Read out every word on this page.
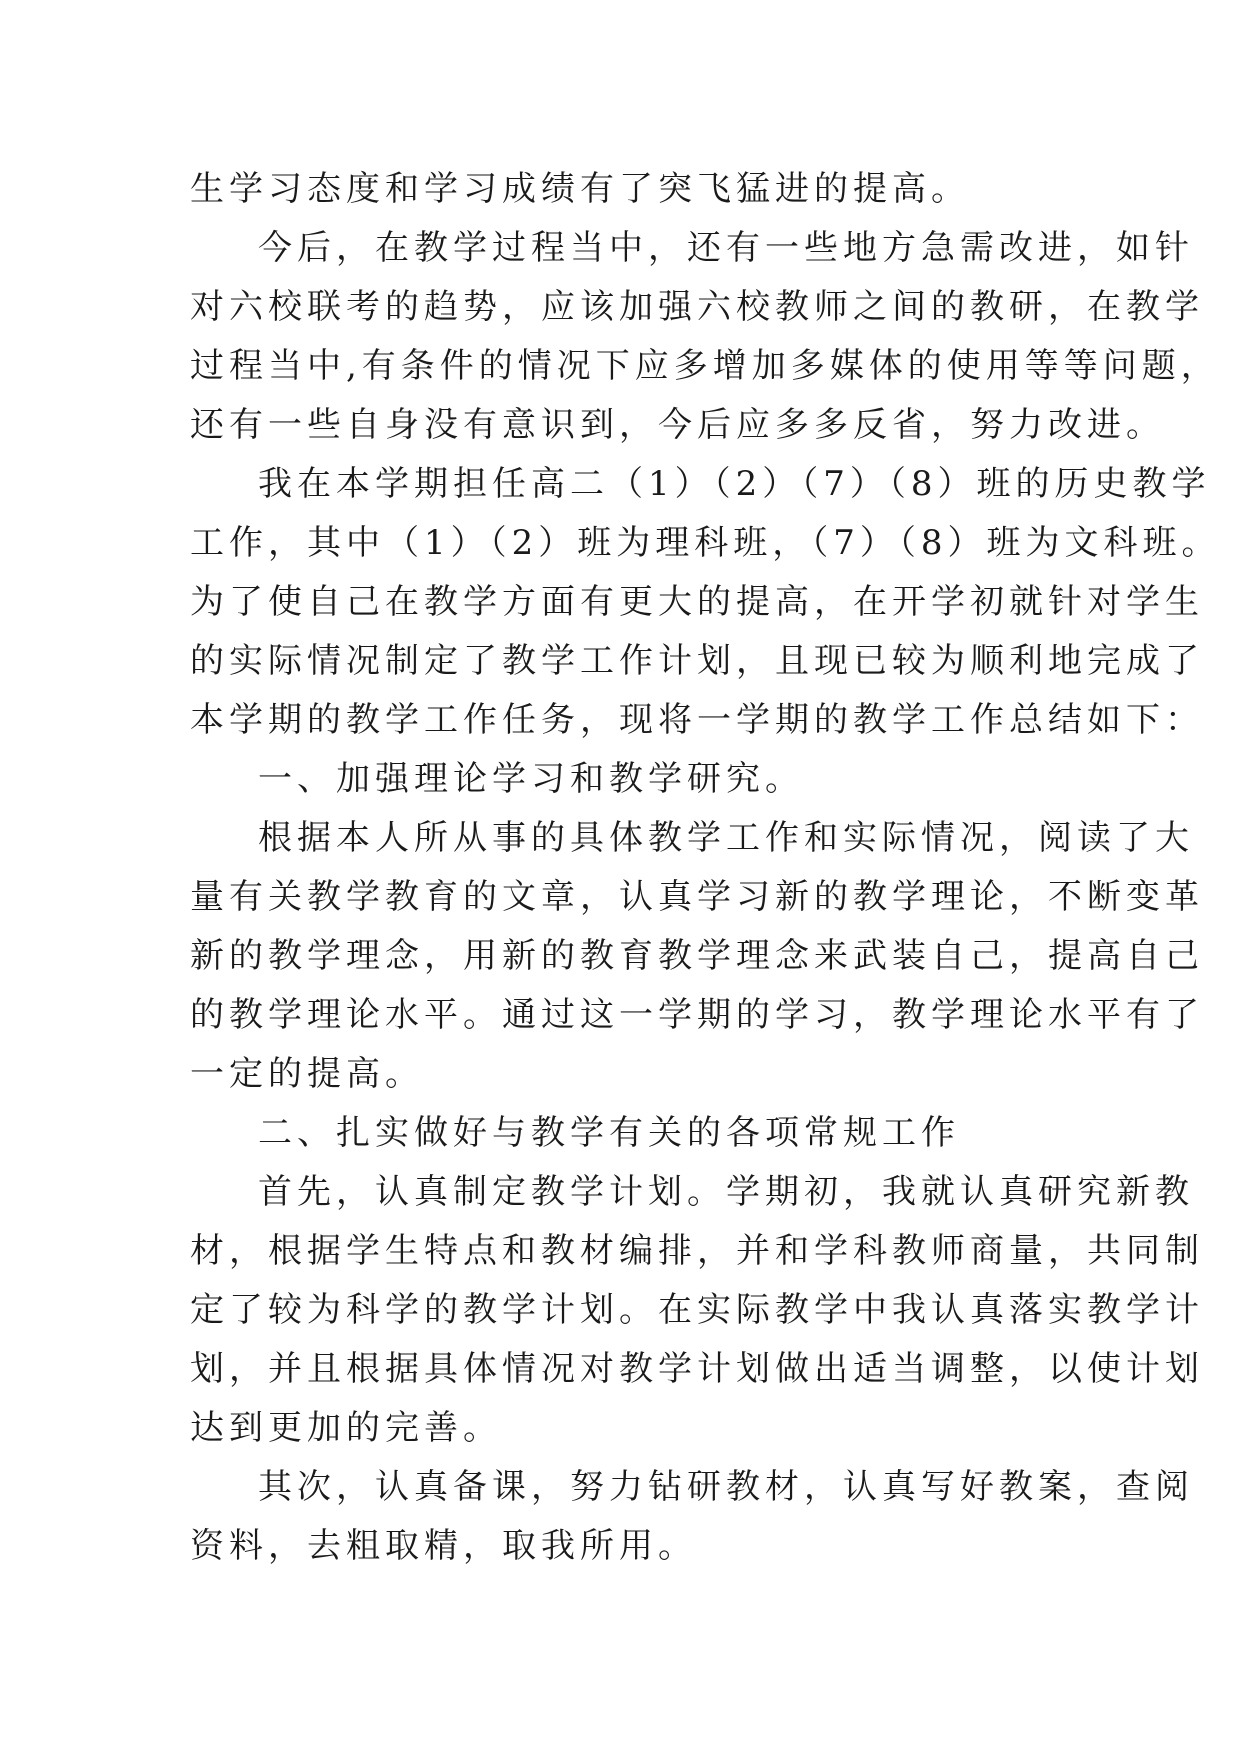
生学习态度和学习成绩有了突飞猛进的提高。
今后，在教学过程当中，还有一些地方急需改进，如针
对六校联考的趋势，应该加强六校教师之间的教研，在教学
过程当中,有条件的情况下应多增加多媒体的使用等等问题，
还有一些自身没有意识到，今后应多多反省，努力改进。
我在本学期担任高二（1）（2）（7）（8）班的历史教学
工作，其中（1）（2）班为理科班，（7）（8）班为文科班。
为了使自己在教学方面有更大的提高，在开学初就针对学生
的实际情况制定了教学工作计划，且现已较为顺利地完成了
本学期的教学工作任务，现将一学期的教学工作总结如下：
一、加强理论学习和教学研究。
根据本人所从事的具体教学工作和实际情况，阅读了大
量有关教学教育的文章，认真学习新的教学理论，不断变革
新的教学理念，用新的教育教学理念来武装自己，提高自己
的教学理论水平。通过这一学期的学习，教学理论水平有了
一定的提高。
二、扎实做好与教学有关的各项常规工作
首先，认真制定教学计划。学期初，我就认真研究新教
材，根据学生特点和教材编排，并和学科教师商量，共同制
定了较为科学的教学计划。在实际教学中我认真落实教学计
划，并且根据具体情况对教学计划做出适当调整，以使计划
达到更加的完善。
其次，认真备课，努力钻研教材，认真写好教案，查阅
资料，去粗取精，取我所用。
